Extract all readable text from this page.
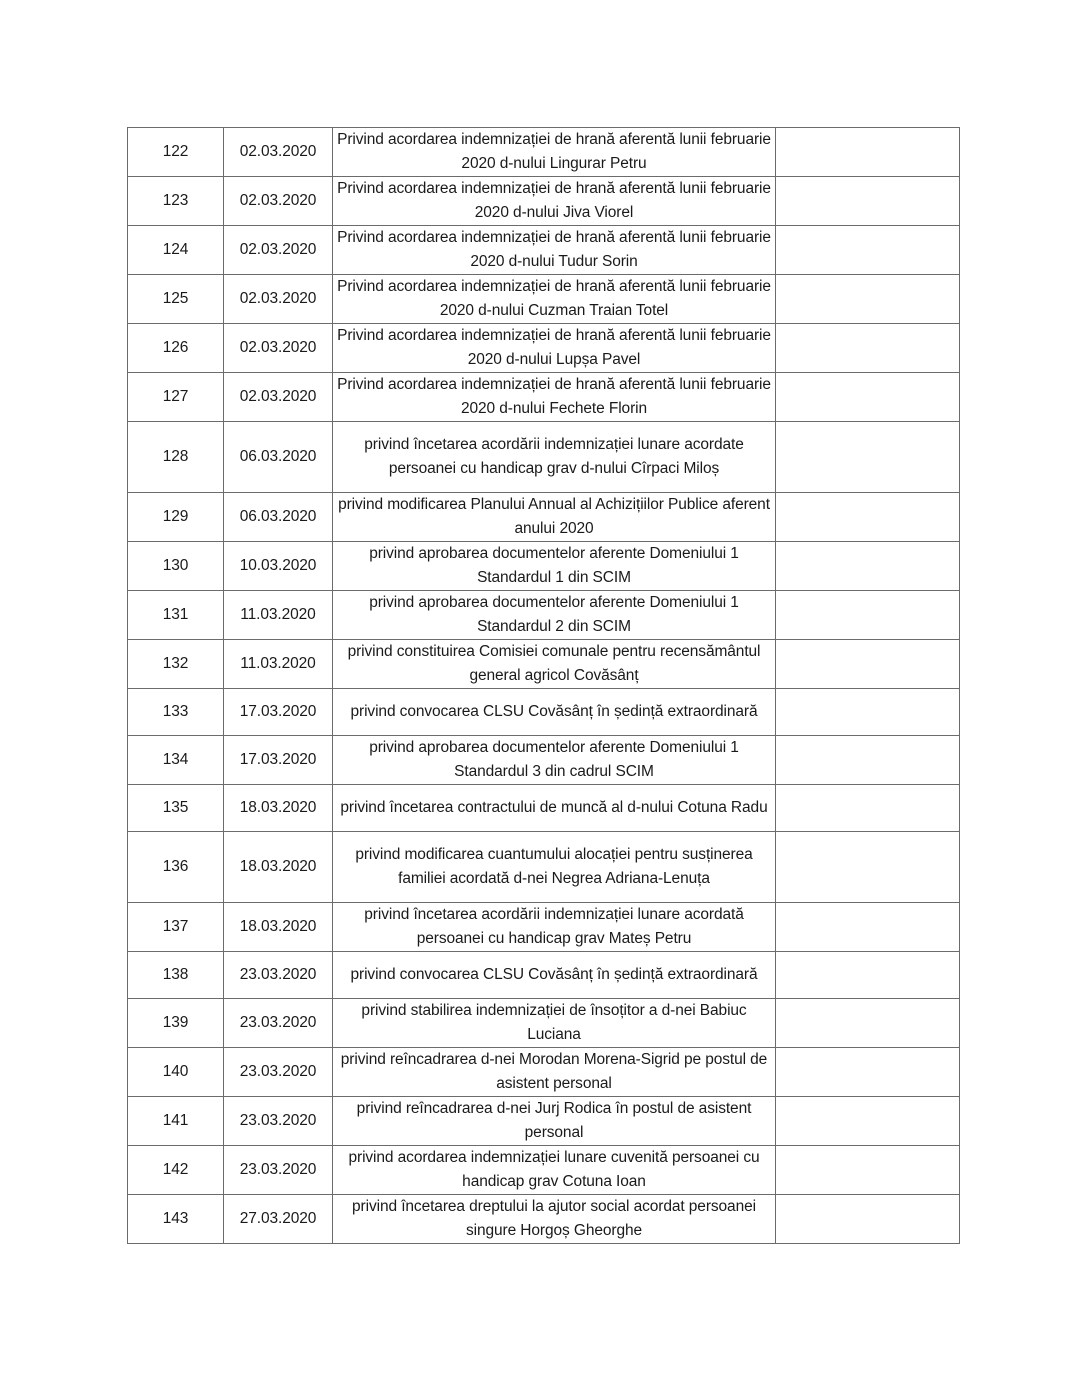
122	02.03.2020	Privind acordarea indemnizației de hrană aferentă lunii februarie 2020 d-nului Lingurar Petru	
123	02.03.2020	Privind acordarea indemnizației de hrană aferentă lunii februarie 2020 d-nului Jiva Viorel	
124	02.03.2020	Privind acordarea indemnizației de hrană aferentă lunii februarie 2020 d-nului Tudur Sorin	
125	02.03.2020	Privind acordarea indemnizației de hrană aferentă lunii februarie 2020 d-nului Cuzman Traian Totel	
126	02.03.2020	Privind acordarea indemnizației de hrană aferentă lunii februarie 2020 d-nului Lupșa Pavel	
127	02.03.2020	Privind acordarea indemnizației de hrană aferentă lunii februarie 2020 d-nului Fechete Florin	
128	06.03.2020	privind încetarea acordării indemnizației lunare acordate persoanei cu handicap grav d-nului Cîrpaci Miloș	
129	06.03.2020	privind modificarea Planului Annual al Achizițiilor Publice aferent anului 2020	
130	10.03.2020	privind aprobarea documentelor aferente Domeniului 1 Standardul 1 din SCIM	
131	11.03.2020	privind aprobarea documentelor aferente Domeniului 1 Standardul 2 din SCIM	
132	11.03.2020	privind constituirea Comisiei comunale pentru recensământul general agricol Covăsânț	
133	17.03.2020	privind convocarea CLSU Covăsânț în ședință extraordinară	
134	17.03.2020	privind aprobarea documentelor aferente Domeniului 1 Standardul 3 din cadrul SCIM	
135	18.03.2020	privind încetarea contractului de muncă al d-nului Cotuna Radu	
136	18.03.2020	privind modificarea cuantumului alocației pentru susținerea familiei acordată d-nei Negrea Adriana-Lenuța	
137	18.03.2020	privind încetarea acordării indemnizației lunare acordată persoanei cu handicap grav Mateș Petru	
138	23.03.2020	privind convocarea CLSU Covăsânț în ședință extraordinară	
139	23.03.2020	privind stabilirea indemnizației de însoțitor a d-nei Babiuc Luciana	
140	23.03.2020	privind reîncadrarea d-nei Morodan Morena-Sigrid pe postul de asistent personal	
141	23.03.2020	privind reîncadrarea d-nei Jurj Rodica în postul de asistent personal	
142	23.03.2020	privind acordarea indemnizației lunare cuvenită persoanei cu handicap grav Cotuna Ioan	
143	27.03.2020	privind încetarea dreptului la ajutor social acordat persoanei singure Horgoș Gheorghe	
